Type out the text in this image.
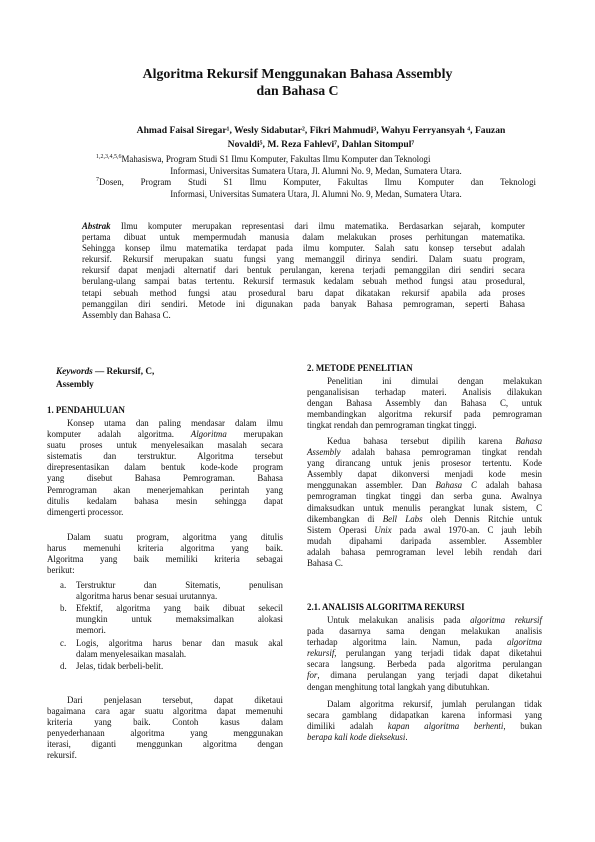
Algoritma Rekursif Menggunakan Bahasa Assembly
dan Bahasa C
Ahmad Faisal Siregar¹, Wesly Sidabutar², Fikri Mahmudi³, Wahyu Ferryansyah ⁴, Fauzan
Novaldi⁵, M. Reza Fahlevi⁷, Dahlan Sitompul⁷
$^{1,2,3,4,5,6}$Mahasiswa, Program Studi S1 Ilmu Komputer, Fakultas Ilmu Komputer dan Teknologi
Informasi, Universitas Sumatera Utara, Jl. Alumni No. 9, Medan, Sumatera Utara.
$^7$Dosen, Program Studi S1 Ilmu Komputer, Fakultas Ilmu Komputer dan Teknologi
Informasi, Universitas Sumatera Utara, Jl. Alumni No. 9, Medan, Sumatera Utara.
Abstrak Ilmu komputer merupakan representasi dari ilmu matematika. Berdasarkan sejarah, komputer
pertama dibuat untuk mempermudah manusia dalam melakukan proses perhitungan matematika.
Sehingga konsep ilmu matematika terdapat pada ilmu komputer. Salah satu konsep tersebut adalah
rekursif. Rekursif merupakan suatu fungsi yang memanggil dirinya sendiri. Dalam suatu program,
rekursif dapat menjadi alternatif dari bentuk perulangan, kerena terjadi pemanggilan diri sendiri secara
berulang-ulang sampai batas tertentu. Rekursif termasuk kedalam sebuah method fungsi atau prosedural,
tetapi sebuah method fungsi atau prosedural baru dapat dikatakan rekursif apabila ada proses
pemanggilan diri sendiri. Metode ini digunakan pada banyak Bahasa pemrograman, seperti Bahasa
Assembly dan Bahasa C.
Keywords — Rekursif, C,
Assembly
1. PENDAHULUAN
Konsep utama dan paling mendasar dalam ilmu
komputer adalah algoritma. Algoritma merupakan
suatu proses untuk menyelesaikan masalah secara
sistematis dan terstruktur. Algoritma tersebut
direpresentasikan dalam bentuk kode-kode program
yang disebut Bahasa Pemrograman. Bahasa
Pemrograman akan menerjemahkan perintah yang
ditulis kedalam bahasa mesin sehingga dapat
dimengerti processor.
Dalam suatu program, algoritma yang ditulis
harus memenuhi kriteria algoritma yang baik.
Algoritma yang baik memiliki kriteria sebagai
berikut:
a. Terstruktur dan Sitematis, penulisan
algoritma harus benar sesuai urutannya.
b. Efektif, algoritma yang baik dibuat sekecil
mungkin untuk memaksimalkan alokasi
memori.
c. Logis, algoritma harus benar dan masuk akal
dalam menyelesaikan masalah.
d. Jelas, tidak berbeli-belit.
Dari penjelasan tersebut, dapat diketaui
bagaimana cara agar suatu algoritma dapat memenuhi
kriteria yang baik. Contoh kasus dalam
penyederhanaan algoritma yang menggunakan
iterasi, diganti menggunkan algoritma dengan
rekursif.
2. METODE PENELITIAN
Penelitian ini dimulai dengan melakukan
penganalisisan terhadap materi. Analisis dilakukan
dengan Bahasa Assembly dan Bahasa C, untuk
membandingkan algoritma rekursif pada pemrograman
tingkat rendah dan pemrograman tingkat tinggi.
Kedua bahasa tersebut dipilih karena Bahasa
Assembly adalah bahasa pemrograman tingkat rendah
yang dirancang untuk jenis prosesor tertentu. Kode
Assembly dapat dikonversi menjadi kode mesin
menggunakan assembler. Dan Bahasa C adalah bahasa
pemrograman tingkat tinggi dan serba guna. Awalnya
dimaksudkan untuk menulis perangkat lunak sistem, C
dikembangkan di Bell Labs oleh Dennis Ritchie untuk
Sistem Operasi Unix pada awal 1970-an. C jauh lebih
mudah dipahami daripada assembler. Assembler
adalah bahasa pemrograman level lebih rendah dari
Bahasa C.
2.1. ANALISIS ALGORITMA REKURSI
Untuk melakukan analisis pada algoritma rekursif
pada dasarnya sama dengan melakukan analisis
terhadap algoritma lain. Namun, pada algoritma
rekursif, perulangan yang terjadi tidak dapat diketahui
secara langsung. Berbeda pada algoritma perulangan
for, dimana perulangan yang terjadi dapat diketahui
dengan menghitung total langkah yang dibutuhkan.
Dalam algoritma rekursif, jumlah perulangan tidak
secara gamblang didapatkan karena informasi yang
dimiliki adalah kapan algoritma berhenti, bukan
berapa kali kode dieksekusi.
